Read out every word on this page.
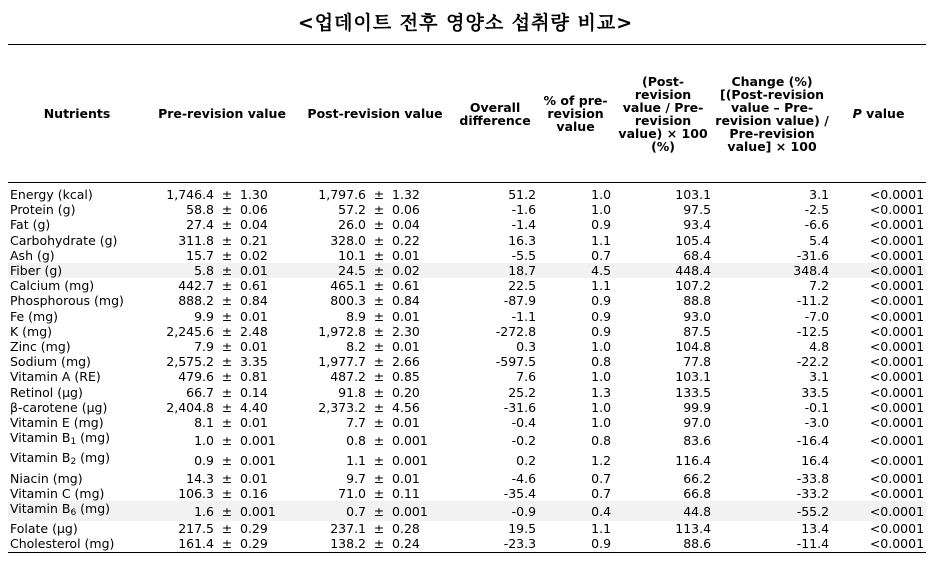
<업데이트 전후 영양소 섭취량 비교>
Nutrients	Pre-revision value			Post-revision value			Overall difference	% of pre-revision value	(Post-revision value / Pre-revision value) × 100 (%)	Change (%) [(Post-revision value – Pre-revision value) / Pre-revision value] × 100	P value
Energy (kcal)	1,746.4	±	1.30	1,797.6	±	1.32	51.2	1.0	103.1	3.1	<0.0001
Protein (g)	58.8	±	0.06	57.2	±	0.06	-1.6	1.0	97.5	-2.5	<0.0001
Fat (g)	27.4	±	0.04	26.0	±	0.04	-1.4	0.9	93.4	-6.6	<0.0001
Carbohydrate (g)	311.8	±	0.21	328.0	±	0.22	16.3	1.1	105.4	5.4	<0.0001
Ash (g)	15.7	±	0.02	10.1	±	0.01	-5.5	0.7	68.4	-31.6	<0.0001
Fiber (g)	5.8	±	0.01	24.5	±	0.02	18.7	4.5	448.4	348.4	<0.0001
Calcium (mg)	442.7	±	0.61	465.1	±	0.61	22.5	1.1	107.2	7.2	<0.0001
Phosphorous (mg)	888.2	±	0.84	800.3	±	0.84	-87.9	0.9	88.8	-11.2	<0.0001
Fe (mg)	9.9	±	0.01	8.9	±	0.01	-1.1	0.9	93.0	-7.0	<0.0001
K (mg)	2,245.6	±	2.48	1,972.8	±	2.30	-272.8	0.9	87.5	-12.5	<0.0001
Zinc (mg)	7.9	±	0.01	8.2	±	0.01	0.3	1.0	104.8	4.8	<0.0001
Sodium (mg)	2,575.2	±	3.35	1,977.7	±	2.66	-597.5	0.8	77.8	-22.2	<0.0001
Vitamin A (RE)	479.6	±	0.81	487.2	±	0.85	7.6	1.0	103.1	3.1	<0.0001
Retinol (μg)	66.7	±	0.14	91.8	±	0.20	25.2	1.3	133.5	33.5	<0.0001
β-carotene (μg)	2,404.8	±	4.40	2,373.2	±	4.56	-31.6	1.0	99.9	-0.1	<0.0001
Vitamin E (mg)	8.1	±	0.01	7.7	±	0.01	-0.4	1.0	97.0	-3.0	<0.0001
Vitamin $B_1$ (mg)	1.0	±	0.001	0.8	±	0.001	-0.2	0.8	83.6	-16.4	<0.0001
Vitamin $B_2$ (mg)	0.9	±	0.001	1.1	±	0.001	0.2	1.2	116.4	16.4	<0.0001
Niacin (mg)	14.3	±	0.01	9.7	±	0.01	-4.6	0.7	66.2	-33.8	<0.0001
Vitamin C (mg)	106.3	±	0.16	71.0	±	0.11	-35.4	0.7	66.8	-33.2	<0.0001
Vitamin $B_6$ (mg)	1.6	±	0.001	0.7	±	0.001	-0.9	0.4	44.8	-55.2	<0.0001
Folate (μg)	217.5	±	0.29	237.1	±	0.28	19.5	1.1	113.4	13.4	<0.0001
Cholesterol (mg)	161.4	±	0.29	138.2	±	0.24	-23.3	0.9	88.6	-11.4	<0.0001
